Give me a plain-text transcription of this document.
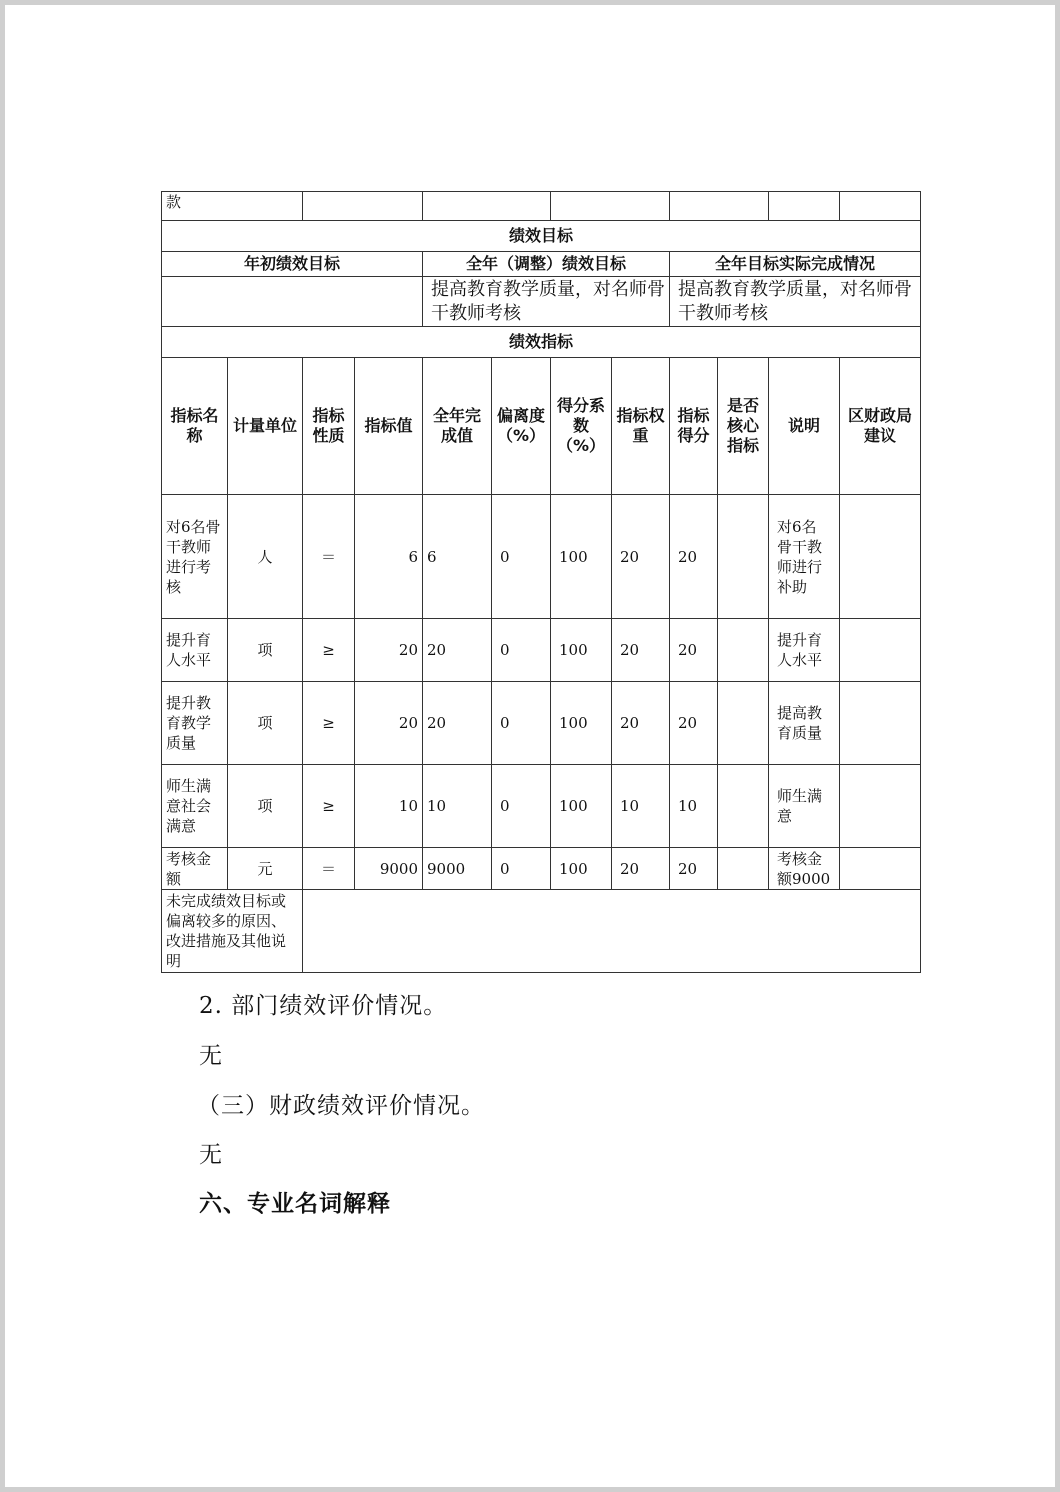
款											
绩效目标											
年初绩效目标				全年（调整）绩效目标				全年目标实际完成情况			
				提高教育教学质量，对名师骨干教师考核				提高教育教学质量，对名师骨干教师考核			
绩效指标											
指标名称	计量单位	指标性质	指标值	全年完成值	偏离度（%）	得分系数（%）	指标权重	指标得分	是否核心指标	说明	区财政局建议
对6名骨干教师进行考核	人	＝	6	6	0	100	20	20		对6名骨干教师进行补助	
提升育人水平	项	≥	20	20	0	100	20	20		提升育人水平	
提升教育教学质量	项	≥	20	20	0	100	20	20		提高教育质量	
师生满意社会满意	项	≥	10	10	0	100	10	10		师生满意	
考核金额	元	＝	9000	9000	0	100	20	20		考核金额9000	
未完成绩效目标或偏离较多的原因、改进措施及其他说明											

2. 部门绩效评价情况。

无

（三）财政绩效评价情况。

无

六、专业名词解释
